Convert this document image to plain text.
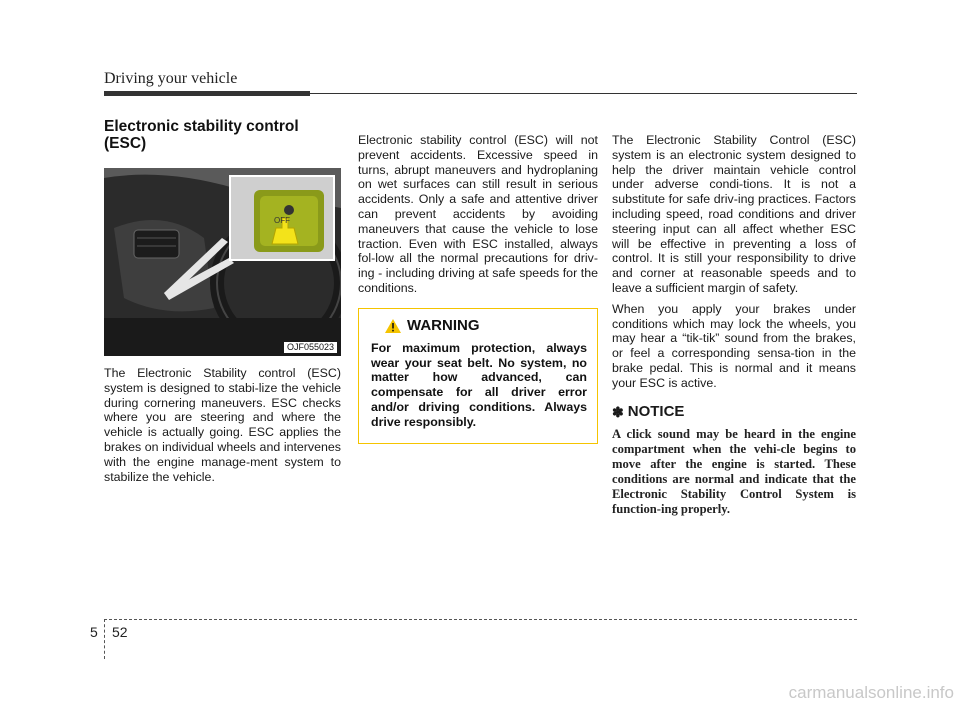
Driving your vehicle
Electronic stability control (ESC)
OFF
OJF055023

The Electronic Stability control (ESC) system is designed to stabi-lize the vehicle during cornering maneuvers. ESC checks where you are steering and where the vehicle is actually going. ESC applies the brakes on individual wheels and intervenes with the engine manage-ment system to stabilize the vehicle.

Electronic stability control (ESC) will not prevent accidents. Excessive speed in turns, abrupt maneuvers and hydroplaning on wet surfaces can still result in serious accidents. Only a safe and attentive driver can prevent accidents by avoiding maneuvers that cause the vehicle to lose traction. Even with ESC installed, always fol-low all the normal precautions for driv-ing - including driving at safe speeds for the conditions.

WARNING
For maximum protection, always wear your seat belt. No system, no matter how advanced, can compensate for all driver error and/or driving conditions. Always drive responsibly.

The Electronic Stability Control (ESC) system is an electronic system designed to help the driver maintain vehicle control under adverse condi-tions. It is not a substitute for safe driv-ing practices. Factors including speed, road conditions and driver steering input can all affect whether ESC will be effective in preventing a loss of control. It is still your responsibility to drive and corner at reasonable speeds and to leave a sufficient margin of safety.

When you apply your brakes under conditions which may lock the wheels, you may hear a “tik-tik” sound from the brakes, or feel a corresponding sensa-tion in the brake pedal. This is normal and it means your ESC is active.

✽ NOTICE
A click sound may be heard in the engine compartment when the vehi-cle begins to move after the engine is started. These conditions are normal and indicate that the Electronic Stability Control System is function-ing properly.
5 52
carmanualsonline.info
